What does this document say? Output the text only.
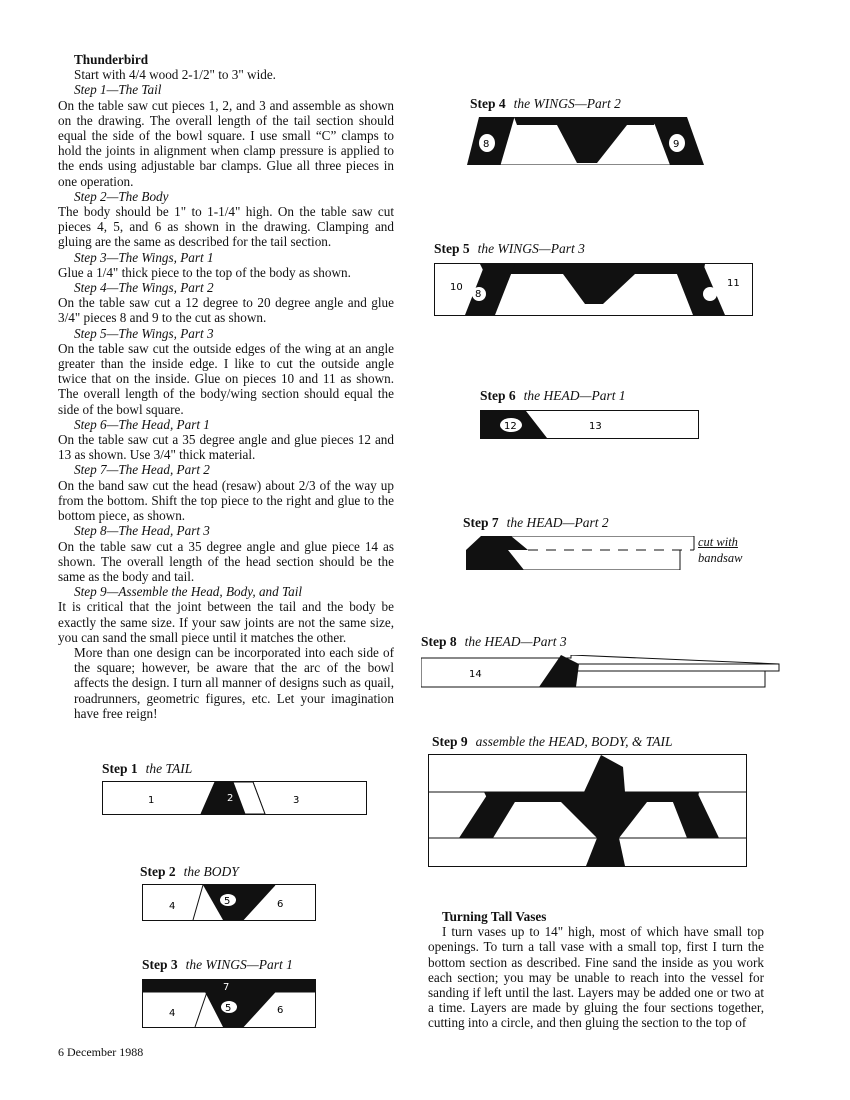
Thunderbird

Start with 4/4 wood 2-1/2" to 3" wide.

Step 1—The Tail

On the table saw cut pieces 1, 2, and 3 and assemble as shown on the drawing. The overall length of the tail section should equal the side of the bowl square. I use small “C” clamps to hold the joints in alignment when clamp pressure is applied to the ends using adjustable bar clamps. Glue all three pieces in one operation.

Step 2—The Body

The body should be 1" to 1-1/4" high. On the table saw cut pieces 4, 5, and 6 as shown in the drawing. Clamping and gluing are the same as described for the tail section.

Step 3—The Wings, Part 1

Glue a 1/4" thick piece to the top of the body as shown.

Step 4—The Wings, Part 2

On the table saw cut a 12 degree to 20 degree angle and glue 3/4" pieces 8 and 9 to the cut as shown.

Step 5—The Wings, Part 3

On the table saw cut the outside edges of the wing at an angle greater than the inside edge. I like to cut the outside angle twice that on the inside. Glue on pieces 10 and 11 as shown. The overall length of the body/wing section should equal the side of the bowl square.

Step 6—The Head, Part 1

On the table saw cut a 35 degree angle and glue pieces 12 and 13 as shown. Use 3/4" thick material.

Step 7—The Head, Part 2

On the band saw cut the head (resaw) about 2/3 of the way up from the bottom. Shift the top piece to the right and glue to the bottom piece, as shown.

Step 8—The Head, Part 3

On the table saw cut a 35 degree angle and glue piece 14 as shown. The overall length of the head section should be the same as the body and tail.

Step 9—Assemble the Head, Body, and Tail

It is critical that the joint between the tail and the body be exactly the same size. If your saw joints are not the same size, you can sand the small piece until it matches the other.

More than one design can be incorporated into each side of the square; however, be aware that the arc of the bowl affects the design. I turn all manner of designs such as quail, roadrunners, geometric figures, etc. Let your imagination have free reign!

Step 1 the TAIL
1	2	3
Step 2 the BODY
4	5	6
Step 3 the WINGS—Part 1
7
4	5	6
Step 4 the WINGS—Part 2
8	9
Step 5 the WINGS—Part 3
10
8
11
Step 6 the HEAD—Part 1
12	13
Step 7 the HEAD—Part 2
cut with
bandsaw
Step 8 the HEAD—Part 3
14
Step 9 assemble the HEAD, BODY, & TAIL

Turning Tall Vases

I turn vases up to 14" high, most of which have small top openings. To turn a tall vase with a small top, first I turn the bottom section as described. Fine sand the inside as you work each section; you may be unable to reach into the vessel for sanding if left until the last. Layers may be added one or two at a time. Layers are made by gluing the four sections together, cutting into a circle, and then gluing the section to the top of

6 December 1988
